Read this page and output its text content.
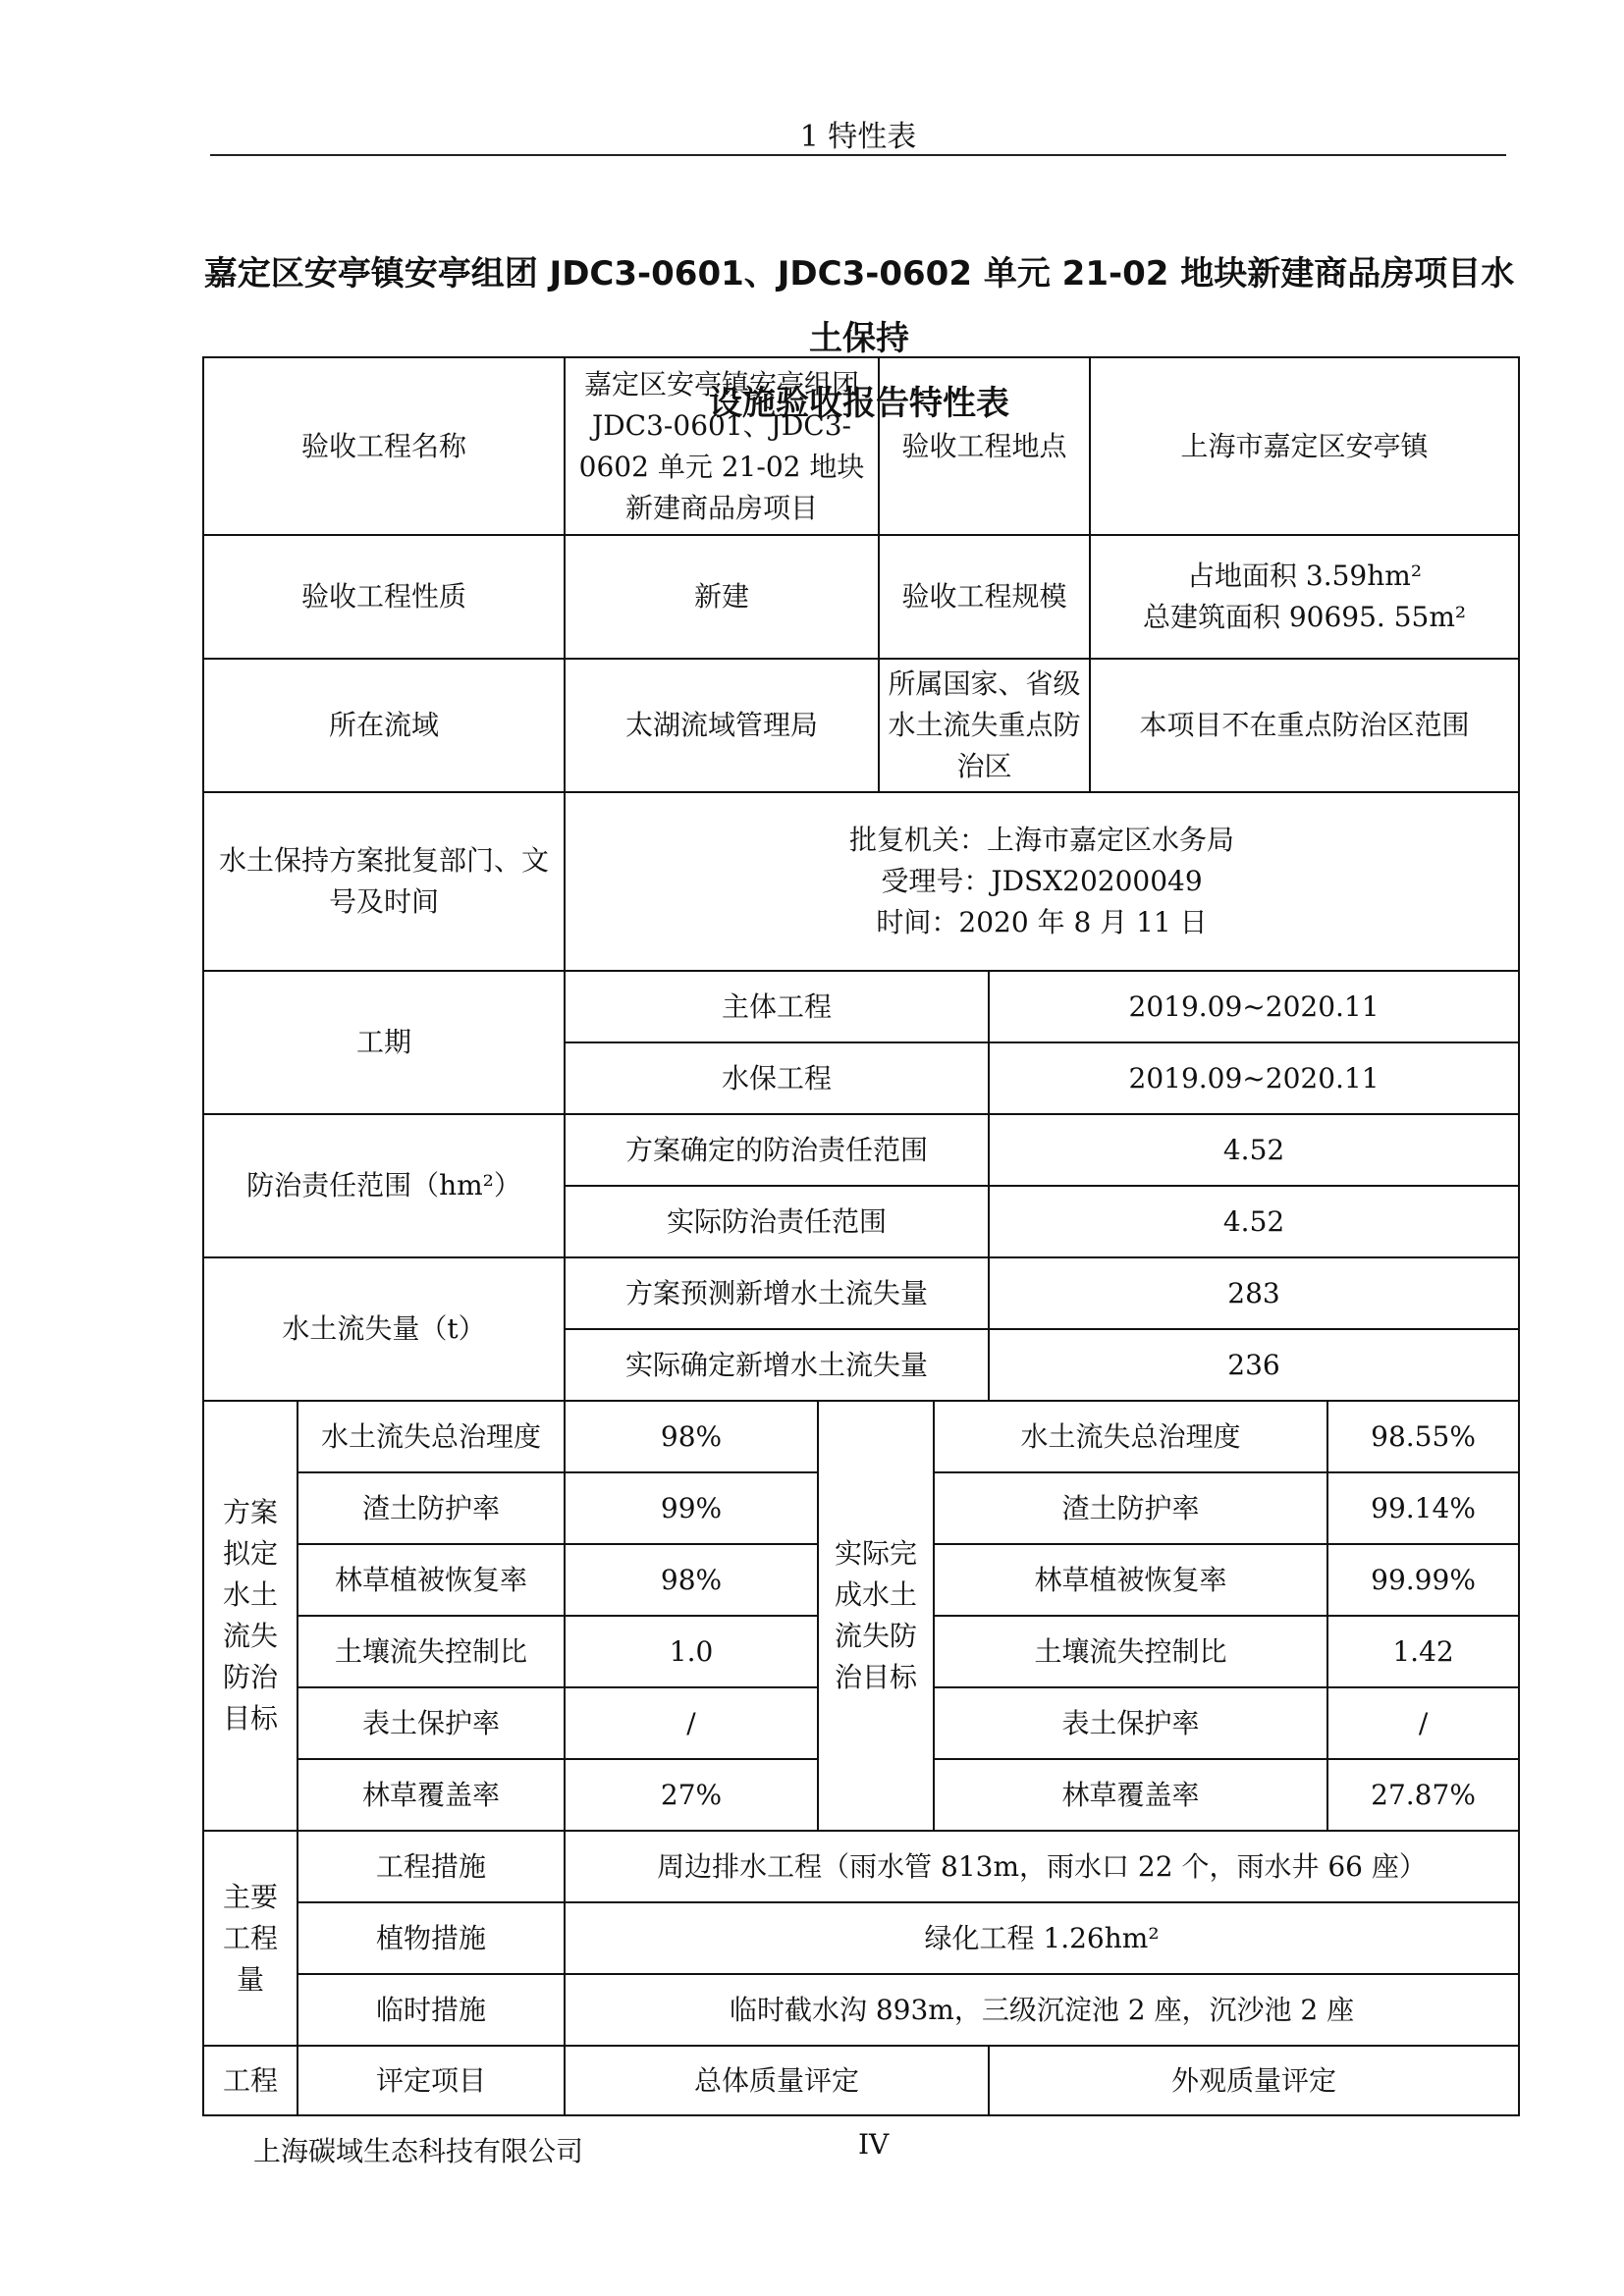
1 特性表
嘉定区安亭镇安亭组团 JDC3-0601、JDC3-0602 单元 21-02 地块新建商品房项目水土保持
设施验收报告特性表
验收工程名称		嘉定区安亭镇安亭组团 JDC3-0601、JDC3-0602 单元 21-02 地块新建商品房项目		验收工程地点			上海市嘉定区安亭镇	
验收工程性质		新建		验收工程规模			占地面积 3.59hm²
总建筑面积 90695. 55m²	

所在流域		太湖流域管理局		所属国家、省级水土流失重点防治区			本项目不在重点防治区范围	
水土保持方案批复部门、文号及时间		批复机关：上海市嘉定区水务局
受理号：JDSX20200049
时间：2020 年 8 月 11 日						

工期		主体工程				2019.09~2020.11		
		水保工程				2019.09~2020.11		
防治责任范围（hm²）		方案确定的防治责任范围				4.52		
		实际防治责任范围				4.52		
水土流失量（t）		方案预测新增水土流失量				283		
		实际确定新增水土流失量				236		
方案拟定水土流失防治目标	水土流失总治理度	98%	实际完成水土流失防治目标		水土流失总治理度			98.55%
	渣土防护率	99%			渣土防护率			99.14%
	林草植被恢复率	98%			林草植被恢复率			99.99%
	土壤流失控制比	1.0			土壤流失控制比			1.42
	表土保护率	/			表土保护率			/
	林草覆盖率	27%			林草覆盖率			27.87%
主要工程量	工程措施	周边排水工程（雨水管 813m，雨水口 22 个，雨水井 66 座）						
	植物措施	绿化工程 1.26hm²						
	临时措施	临时截水沟 893m，三级沉淀池 2 座，沉沙池 2 座						
工程	评定项目	总体质量评定				外观质量评定		
上海碳域生态科技有限公司	IV
